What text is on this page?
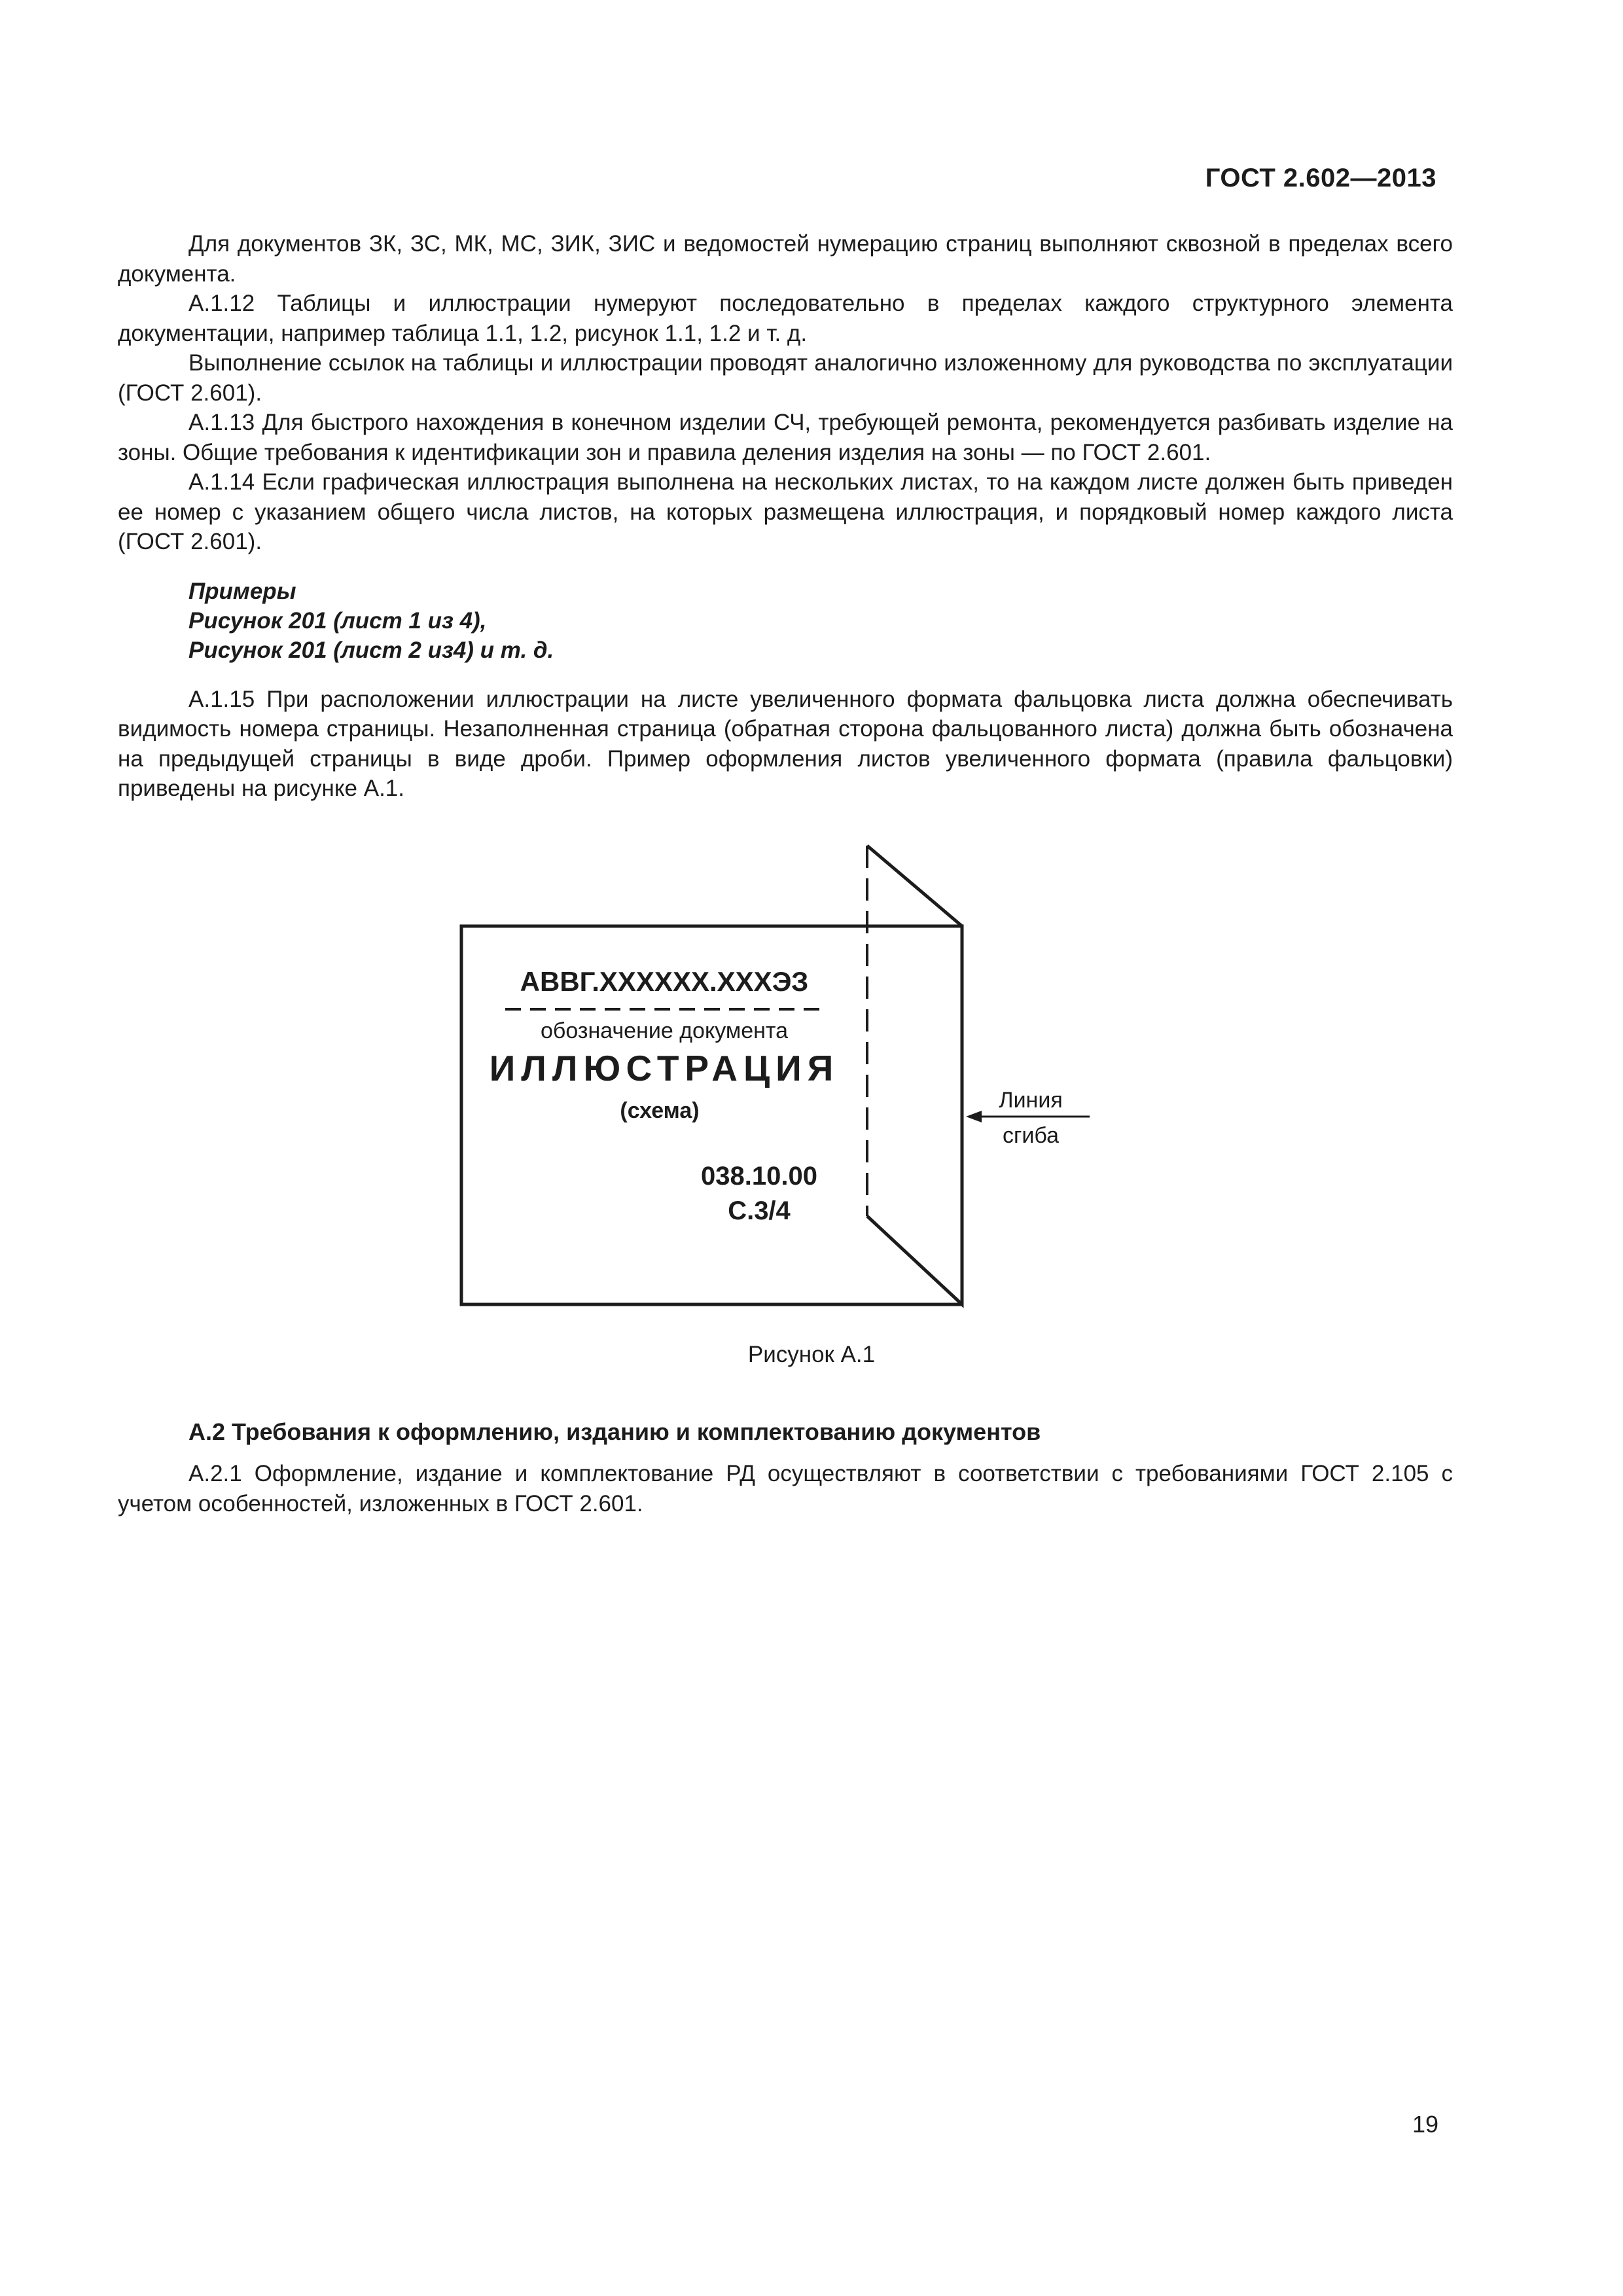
ГОСТ 2.602—2013

Для документов ЗК, ЗС, МК, МС, ЗИК, ЗИС и ведомостей нумерацию страниц выполняют сквозной в пределах всего документа.

А.1.12 Таблицы и иллюстрации нумеруют последовательно в пределах каждого структурного элемента документации, например таблица 1.1, 1.2, рисунок 1.1, 1.2 и т. д.

Выполнение ссылок на таблицы и иллюстрации проводят аналогично изложенному для руководства по эксплуатации (ГОСТ 2.601).

А.1.13 Для быстрого нахождения в конечном изделии СЧ, требующей ремонта, рекомендуется разбивать изделие на зоны. Общие требования к идентификации зон и правила деления изделия на зоны — по ГОСТ 2.601.

А.1.14 Если графическая иллюстрация выполнена на нескольких листах, то на каждом листе должен быть приведен ее номер с указанием общего числа листов, на которых размещена иллюстрация, и порядковый номер каждого листа (ГОСТ 2.601).

Примеры
Рисунок 201 (лист 1 из 4),
Рисунок 201 (лист 2 из4) и т. д.

А.1.15 При расположении иллюстрации на листе увеличенного формата фальцовка листа должна обеспечивать видимость номера страницы. Незаполненная страница (обратная сторона фальцованного листа) должна быть обозначена на предыдущей страницы в виде дроби. Пример оформления листов увеличенного формата (правила фальцовки) приведены на рисунке А.1.

АВВГ.XXXXXX.XXXЭЗ
обозначение документа
ИЛЛЮСТРАЦИЯ
(схема)
038.10.00
С.3/4
Линия
сгиба
Рисунок А.1
А.2 Требования к оформлению, изданию и комплектованию документов

А.2.1 Оформление, издание и комплектование РД осуществляют в соответствии с требованиями ГОСТ 2.105 с учетом особенностей, изложенных в ГОСТ 2.601.

19
